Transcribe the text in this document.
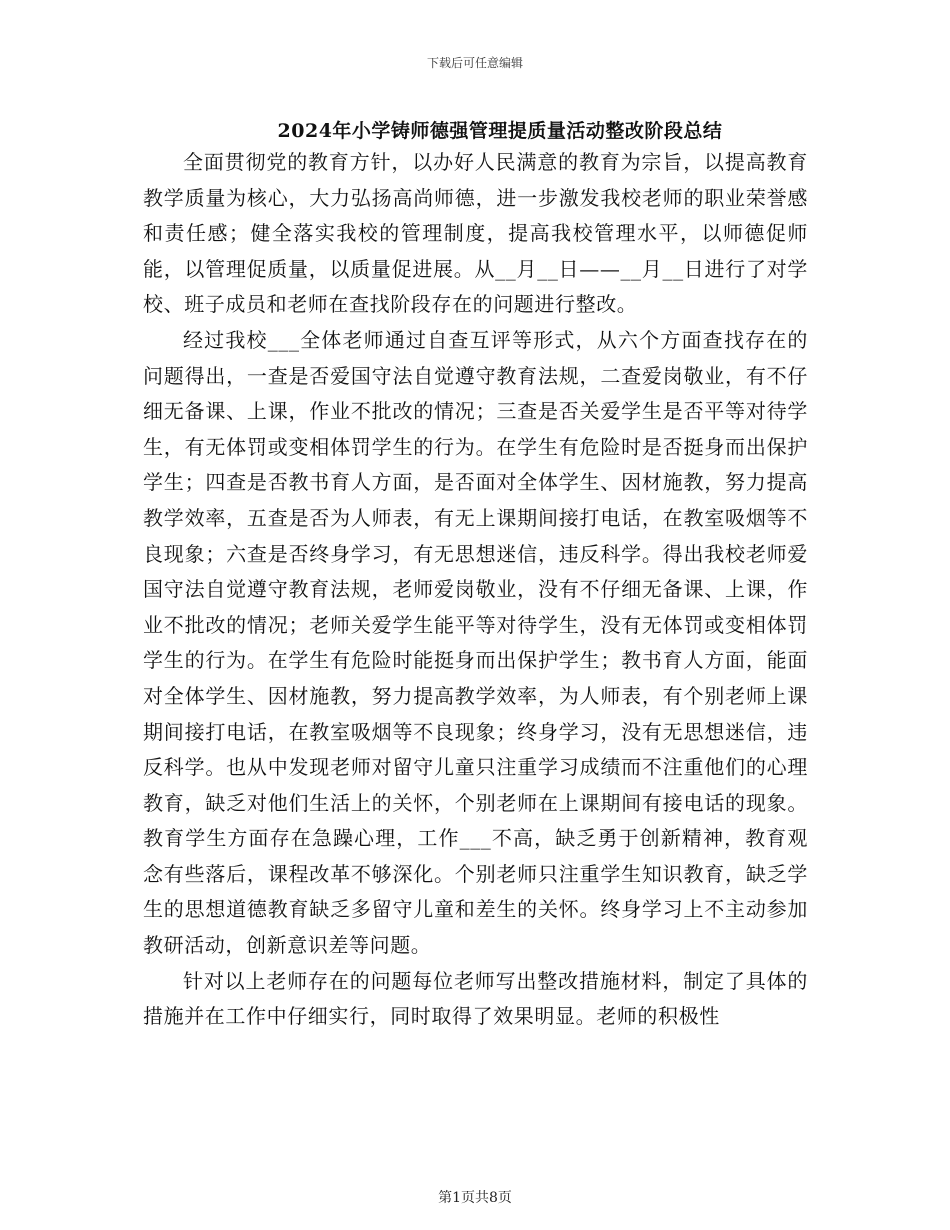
下载后可任意编辑
2024年小学铸师德强管理提质量活动整改阶段总结

全面贯彻党的教育方针，以办好人民满意的教育为宗旨，以提高教育教学质量为核心，大力弘扬高尚师德，进一步激发我校老师的职业荣誉感和责任感；健全落实我校的管理制度，提高我校管理水平，以师德促师能，以管理促质量，以质量促进展。从__月__日——__月__日进行了对学校、班子成员和老师在查找阶段存在的问题进行整改。

经过我校___全体老师通过自查互评等形式，从六个方面查找存在的问题得出，一查是否爱国守法自觉遵守教育法规，二查爱岗敬业，有不仔细无备课、上课，作业不批改的情况；三查是否关爱学生是否平等对待学生，有无体罚或变相体罚学生的行为。在学生有危险时是否挺身而出保护学生；四查是否教书育人方面，是否面对全体学生、因材施教，努力提高教学效率，五查是否为人师表，有无上课期间接打电话，在教室吸烟等不良现象；六查是否终身学习，有无思想迷信，违反科学。得出我校老师爱国守法自觉遵守教育法规，老师爱岗敬业，没有不仔细无备课、上课，作业不批改的情况；老师关爱学生能平等对待学生，没有无体罚或变相体罚学生的行为。在学生有危险时能挺身而出保护学生；教书育人方面，能面对全体学生、因材施教，努力提高教学效率，为人师表，有个别老师上课期间接打电话，在教室吸烟等不良现象；终身学习，没有无思想迷信，违反科学。也从中发现老师对留守儿童只注重学习成绩而不注重他们的心理教育，缺乏对他们生活上的关怀，个别老师在上课期间有接电话的现象。教育学生方面存在急躁心理，工作___不高，缺乏勇于创新精神，教育观念有些落后，课程改革不够深化。个别老师只注重学生知识教育，缺乏学生的思想道德教育缺乏多留守儿童和差生的关怀。终身学习上不主动参加教研活动，创新意识差等问题。

针对以上老师存在的问题每位老师写出整改措施材料，制定了具体的措施并在工作中仔细实行，同时取得了效果明显。老师的积极性

第1页共8页
